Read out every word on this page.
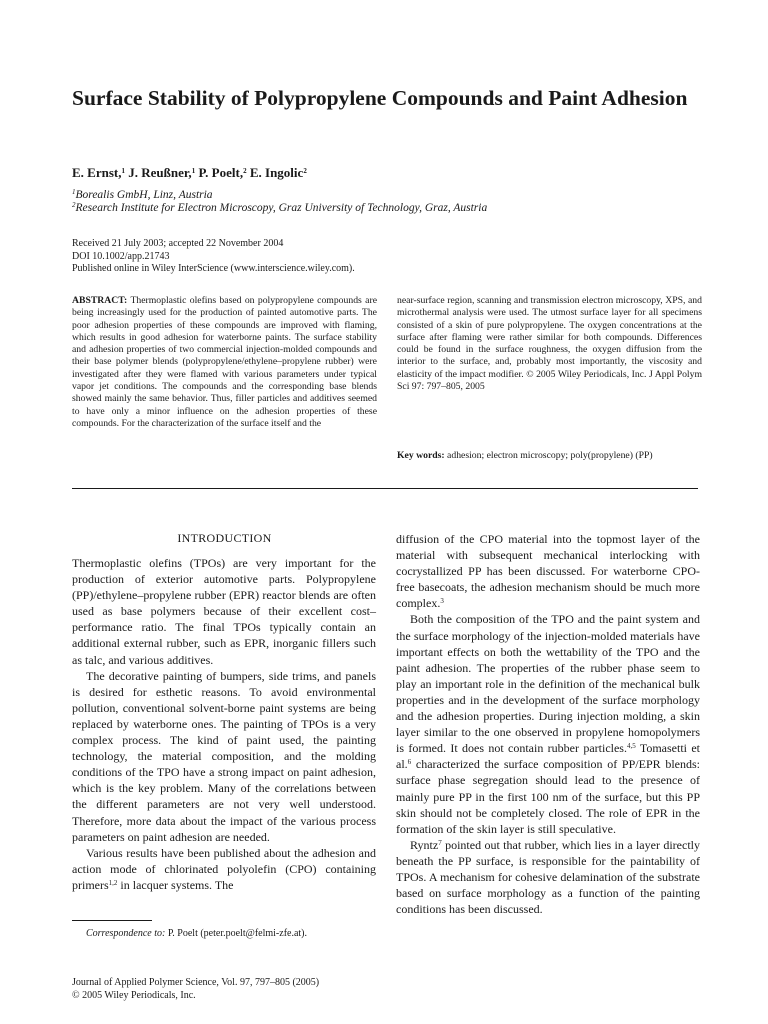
Surface Stability of Polypropylene Compounds and Paint Adhesion
E. Ernst,$^1$ J. Reußner,$^1$ P. Poelt,$^2$ E. Ingolic$^2$
$^1$Borealis GmbH, Linz, Austria
$^2$Research Institute for Electron Microscopy, Graz University of Technology, Graz, Austria
Received 21 July 2003; accepted 22 November 2004
DOI 10.1002/app.21743
Published online in Wiley InterScience (www.interscience.wiley.com).

ABSTRACT: Thermoplastic olefins based on polypropylene compounds are being increasingly used for the production of painted automotive parts. The poor adhesion properties of these compounds are improved with flaming, which results in good adhesion for waterborne paints. The surface stability and adhesion properties of two commercial injection-molded compounds and their base polymer blends (polypropylene/ethylene–propylene rubber) were investigated after they were flamed with various parameters under typical vapor jet conditions. The compounds and the corresponding base blends showed mainly the same behavior. Thus, filler particles and additives seemed to have only a minor influence on the adhesion properties of these compounds. For the characterization of the surface itself and the

near-surface region, scanning and transmission electron microscopy, XPS, and microthermal analysis were used. The utmost surface layer for all specimens consisted of a skin of pure polypropylene. The oxygen concentrations at the surface after flaming were rather similar for both compounds. Differences could be found in the surface roughness, the oxygen diffusion from the interior to the surface, and, probably most importantly, the viscosity and elasticity of the impact modifier. © 2005 Wiley Periodicals, Inc. J Appl Polym Sci 97: 797–805, 2005

Key words: adhesion; electron microscopy; poly(propylene) (PP)

INTRODUCTION

Thermoplastic olefins (TPOs) are very important for the production of exterior automotive parts. Polypropylene (PP)/ethylene–propylene rubber (EPR) reactor blends are often used as base polymers because of their excellent cost–performance ratio. The final TPOs typically contain an additional external rubber, such as EPR, inorganic fillers such as talc, and various additives.

The decorative painting of bumpers, side trims, and panels is desired for esthetic reasons. To avoid environmental pollution, conventional solvent-borne paint systems are being replaced by waterborne ones. The painting of TPOs is a very complex process. The kind of paint used, the painting technology, the material composition, and the molding conditions of the TPO have a strong impact on paint adhesion, which is the key problem. Many of the correlations between the different parameters are not very well understood. Therefore, more data about the impact of the various process parameters on paint adhesion are needed.

Various results have been published about the adhesion and action mode of chlorinated polyolefin (CPO) containing primers$^{1,2}$ in lacquer systems. The

diffusion of the CPO material into the topmost layer of the material with subsequent mechanical interlocking with cocrystallized PP has been discussed. For waterborne CPO-free basecoats, the adhesion mechanism should be much more complex.$^3$

Both the composition of the TPO and the paint system and the surface morphology of the injection-molded materials have important effects on both the wettability of the TPO and the paint adhesion. The properties of the rubber phase seem to play an important role in the definition of the mechanical bulk properties and in the development of the surface morphology and the adhesion properties. During injection molding, a skin layer similar to the one observed in propylene homopolymers is formed. It does not contain rubber particles.$^{4,5}$ Tomasetti et al.$^6$ characterized the surface composition of PP/EPR blends: surface phase segregation should lead to the presence of mainly pure PP in the first 100 nm of the surface, but this PP skin should not be completely closed. The role of EPR in the formation of the skin layer is still speculative.

Ryntz$^7$ pointed out that rubber, which lies in a layer directly beneath the PP surface, is responsible for the paintability of TPOs. A mechanism for cohesive delamination of the substrate based on surface morphology as a function of the painting conditions has been discussed.

Correspondence to: P. Poelt (peter.poelt@felmi-zfe.at).
Journal of Applied Polymer Science, Vol. 97, 797–805 (2005)
© 2005 Wiley Periodicals, Inc.
